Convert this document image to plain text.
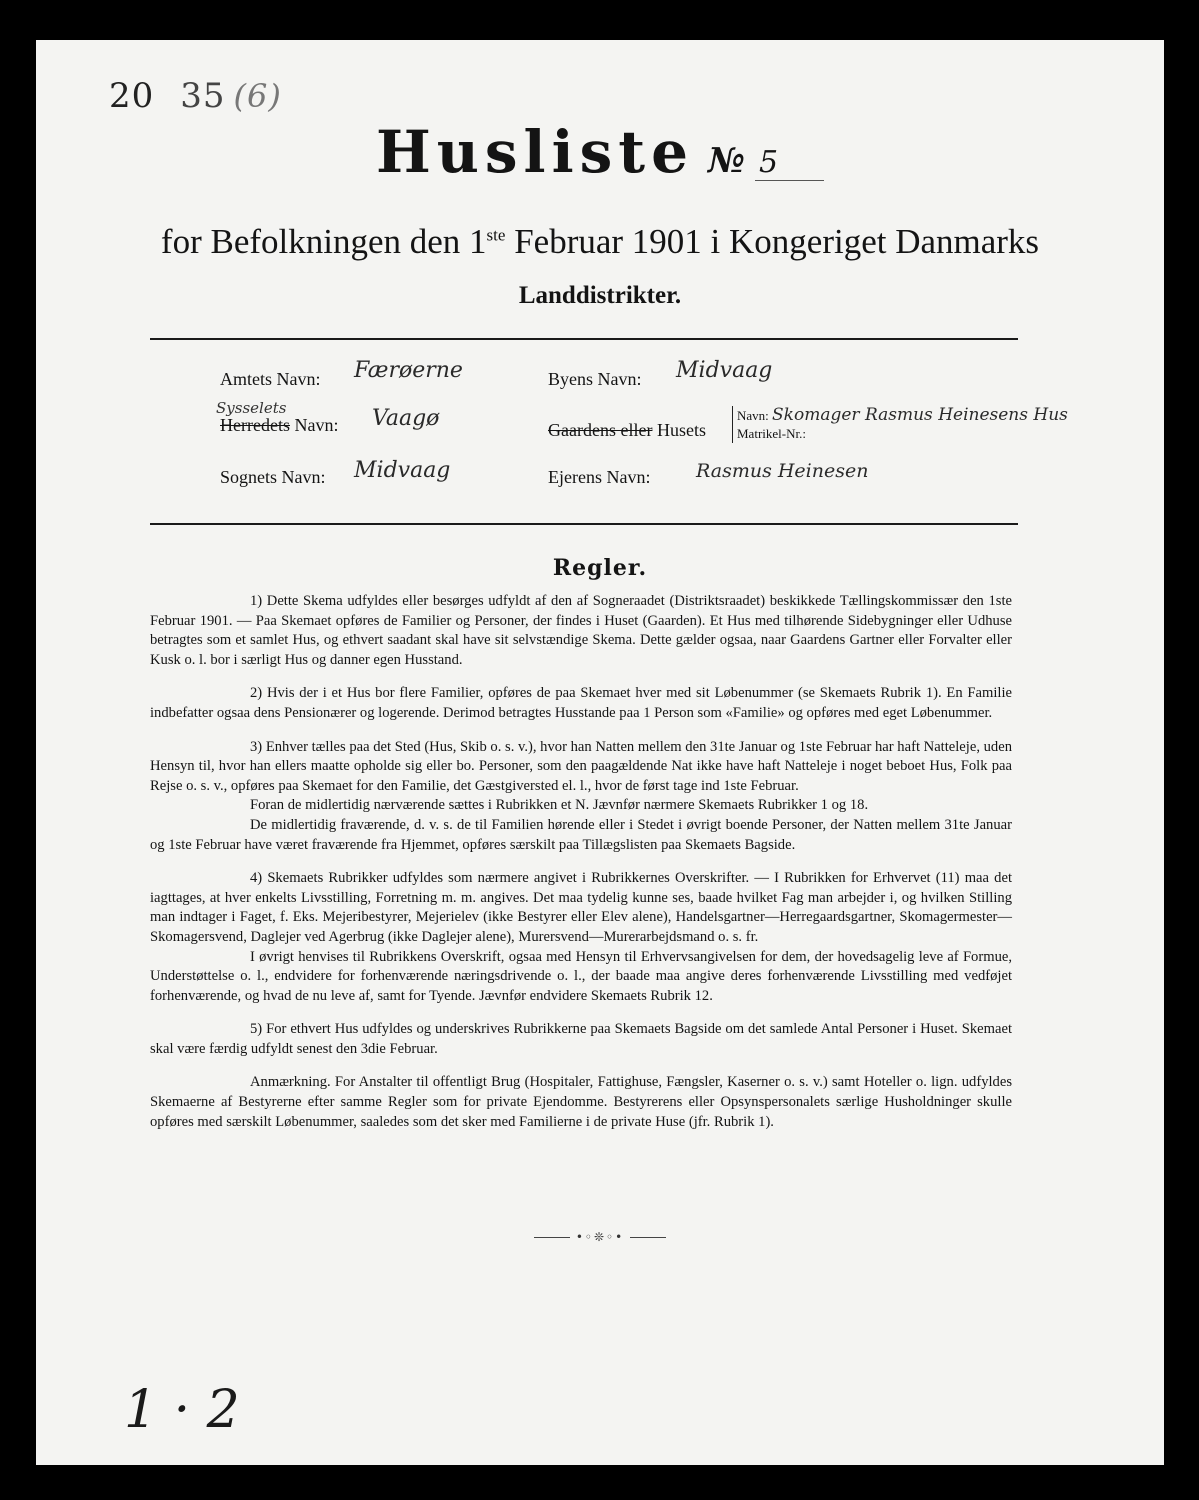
20 35 (6)
Husliste № 5
for Befolkningen den 1ste Februar 1901 i Kongeriget Danmarks
Landdistrikter.
Amtets Navn: Færøerne
Sysselets
Herredets Navn: Vaagø
Sognets Navn: Midvaag
Byens Navn: Midvaag
Gaardens eller Husets
Navn: Skomager Rasmus Heinesens Hus
Matrikel-Nr.:
Ejerens Navn: Rasmus Heinesen
Regler.

1) Dette Skema udfyldes eller besørges udfyldt af den af Sogneraadet (Distriktsraadet) beskikkede Tællingskommissær den 1ste Februar 1901. — Paa Skemaet opføres de Familier og Personer, der findes i Huset (Gaarden). Et Hus med tilhørende Sidebygninger eller Udhuse betragtes som et samlet Hus, og ethvert saadant skal have sit selvstændige Skema. Dette gælder ogsaa, naar Gaardens Gartner eller Forvalter eller Kusk o. l. bor i særligt Hus og danner egen Husstand.

2) Hvis der i et Hus bor flere Familier, opføres de paa Skemaet hver med sit Løbenummer (se Skemaets Rubrik 1). En Familie indbefatter ogsaa dens Pensionærer og logerende. Derimod betragtes Husstande paa 1 Person som «Familie» og opføres med eget Løbenummer.

3) Enhver tælles paa det Sted (Hus, Skib o. s. v.), hvor han Natten mellem den 31te Januar og 1ste Februar har haft Natteleje, uden Hensyn til, hvor han ellers maatte opholde sig eller bo. Personer, som den paagældende Nat ikke have haft Natteleje i noget beboet Hus, Folk paa Rejse o. s. v., opføres paa Skemaet for den Familie, det Gæstgiversted el. l., hvor de først tage ind 1ste Februar.

Foran de midlertidig nærværende sættes i Rubrikken et N. Jævnfør nærmere Skemaets Rubrikker 1 og 18.

De midlertidig fraværende, d. v. s. de til Familien hørende eller i Stedet i øvrigt boende Personer, der Natten mellem 31te Januar og 1ste Februar have været fraværende fra Hjemmet, opføres særskilt paa Tillægslisten paa Skemaets Bagside.

4) Skemaets Rubrikker udfyldes som nærmere angivet i Rubrikkernes Overskrifter. — I Rubrikken for Erhvervet (11) maa det iagttages, at hver enkelts Livsstilling, Forretning m. m. angives. Det maa tydelig kunne ses, baade hvilket Fag man arbejder i, og hvilken Stilling man indtager i Faget, f. Eks. Mejeribestyrer, Mejerielev (ikke Bestyrer eller Elev alene), Handelsgartner—Herregaardsgartner, Skomagermester—Skomagersvend, Daglejer ved Agerbrug (ikke Daglejer alene), Murersvend—Murerarbejdsmand o. s. fr.

I øvrigt henvises til Rubrikkens Overskrift, ogsaa med Hensyn til Erhvervsangivelsen for dem, der hovedsagelig leve af Formue, Understøttelse o. l., endvidere for forhenværende næringsdrivende o. l., der baade maa angive deres forhenværende Livsstilling med vedføjet forhenværende, og hvad de nu leve af, samt for Tyende. Jævnfør endvidere Skemaets Rubrik 12.

5) For ethvert Hus udfyldes og underskrives Rubrikkerne paa Skemaets Bagside om det samlede Antal Personer i Huset. Skemaet skal være færdig udfyldt senest den 3die Februar.

Anmærkning. For Anstalter til offentligt Brug (Hospitaler, Fattighuse, Fængsler, Kaserner o. s. v.) samt Hoteller o. lign. udfyldes Skemaerne af Bestyrerne efter samme Regler som for private Ejendomme. Bestyrerens eller Opsynspersonalets særlige Husholdninger skulle opføres med særskilt Løbenummer, saaledes som det sker med Familierne i de private Huse (jfr. Rubrik 1).

•◦❊◦•
1 · 2
